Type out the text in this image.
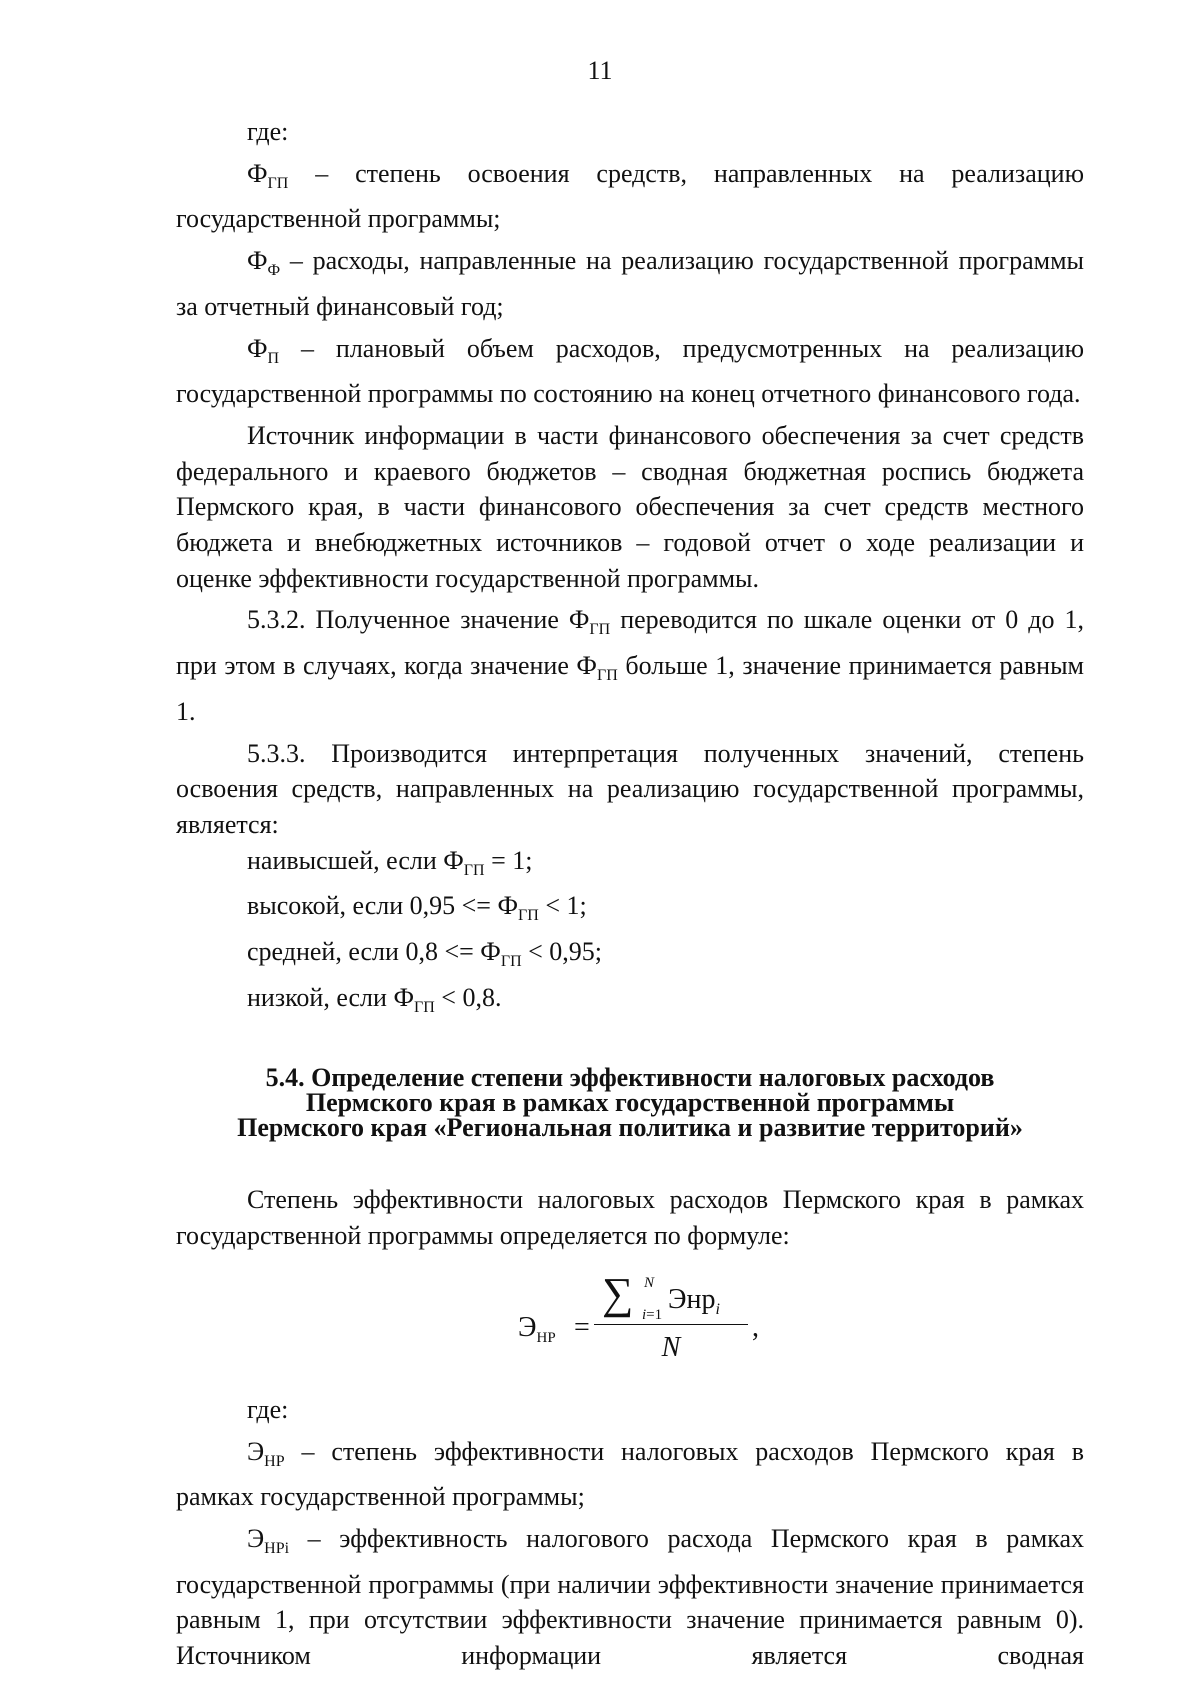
11

где:

$Ф_{ГП}$ – степень освоения средств, направленных на реализацию государственной программы;

$Ф_Ф$ – расходы, направленные на реализацию государственной программы за отчетный финансовый год;

$Ф_П$ – плановый объем расходов, предусмотренных на реализацию государственной программы по состоянию на конец отчетного финансового года.

Источник информации в части финансового обеспечения за счет средств федерального и краевого бюджетов – сводная бюджетная роспись бюджета Пермского края, в части финансового обеспечения за счет средств местного бюджета и внебюджетных источников – годовой отчет о ходе реализации и оценке эффективности государственной программы.

5.3.2. Полученное значение $Ф_{ГП}$ переводится по шкале оценки от 0 до 1, при этом в случаях, когда значение $Ф_{ГП}$ больше 1, значение принимается равным 1.

5.3.3. Производится интерпретация полученных значений, степень освоения средств, направленных на реализацию государственной программы, является:

наивысшей, если $Ф_{ГП} = 1$;

высокой, если $0,95 <= Ф_{ГП} < 1$;

средней, если $0,8 <= Ф_{ГП} < 0,95$;

низкой, если $Ф_{ГП} < 0,8$.

5.4. Определение степени эффективности налоговых расходов
Пермского края в рамках государственной программы
Пермского края «Региональная политика и развитие территорий»

Степень эффективности налоговых расходов Пермского края в рамках государственной программы определяется по формуле:

$Э_{НР}$ =
∑ N
i=1 Энр$_i$
N
,

где:

$Э_{НР}$ – степень эффективности налоговых расходов Пермского края в рамках государственной программы;

$Э_{НРi}$ – эффективность налогового расхода Пермского края в рамках государственной программы (при наличии эффективности значение принимается равным 1, при отсутствии эффективности значение принимается равным 0). Источником информации является сводная
